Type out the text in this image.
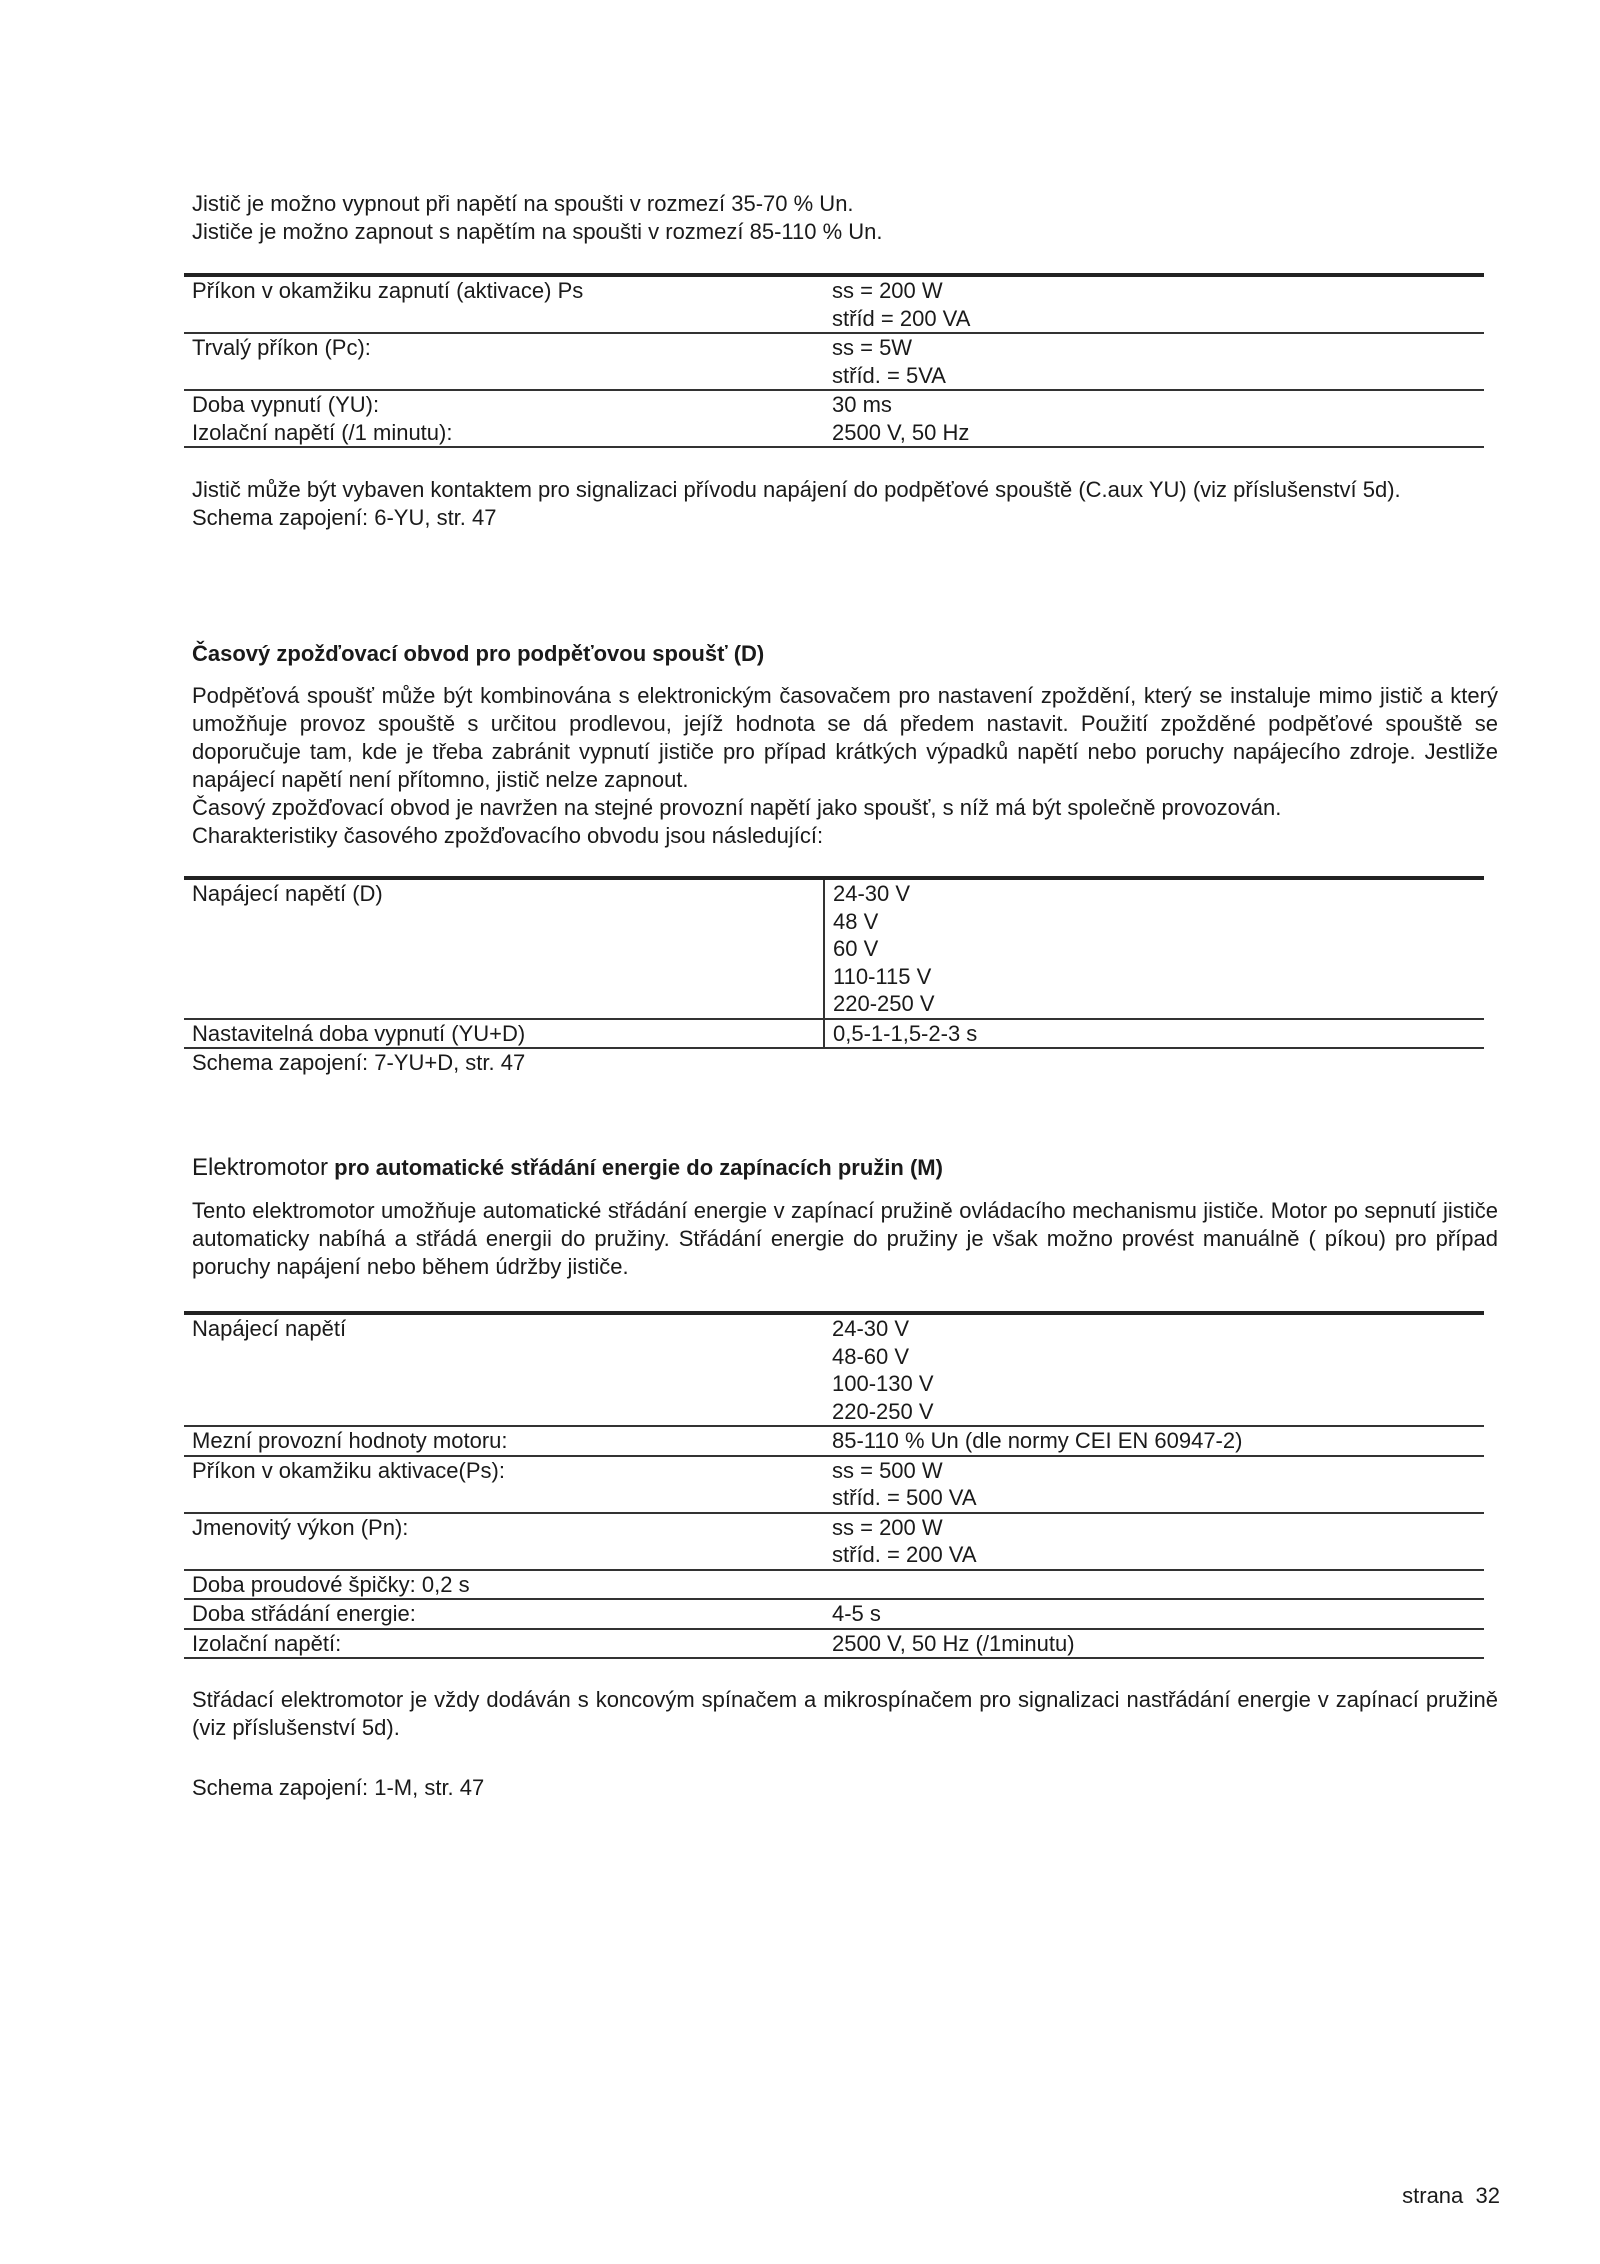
Jistič je možno vypnout při napětí na spoušti v rozmezí 35-70 % Un.

Jističe je možno zapnout s napětím na spoušti v rozmezí 85-110 % Un.

Příkon v okamžiku zapnutí (aktivace) Ps	ss = 200 W
stříd = 200 VA

Trvalý příkon (Pc):	ss = 5W
stříd. = 5VA

Doba vypnutí (YU):	30 ms

Izolační napětí (/1 minutu):	2500 V, 50 Hz

Jistič může být vybaven kontaktem pro signalizaci přívodu napájení do podpěťové spouště (C.aux YU) (viz příslušenství 5d).

Schema zapojení: 6-YU, str. 47

Časový zpožďovací obvod pro podpěťovou spoušť (D)

Podpěťová spoušť může být kombinována s elektronickým časovačem pro nastavení zpoždění, který se instaluje mimo jistič a který umožňuje provoz spouště s určitou prodlevou, jejíž hodnota se dá předem nastavit. Použití zpožděné podpěťové spouště se doporučuje tam, kde je třeba zabránit vypnutí jističe pro případ krátkých výpadků napětí nebo poruchy napájecího zdroje. Jestliže napájecí napětí není přítomno, jistič nelze zapnout.

Časový zpožďovací obvod je navržen na stejné provozní napětí jako spoušť, s níž má být společně provozován.

Charakteristiky časového zpožďovacího obvodu jsou následující:

Napájecí napětí (D)	24-30 V
48 V
60 V
110-115 V
220-250 V

Nastavitelná doba vypnutí (YU+D)	0,5-1-1,5-2-3 s
Schema zapojení: 7-YU+D, str. 47
Elektromotor pro automatické střádání energie do zapínacích pružin (M)
Tento elektromotor umožňuje automatické střádání energie v zapínací pružině ovládacího mechanismu jističe. Motor po sepnutí jističe automaticky nabíhá a střádá energii do pružiny. Střádání energie do pružiny je však možno provést manuálně ( píkou) pro případ poruchy napájení nebo během údržby jističe.
Napájecí napětí	24-30 V
48-60 V
100-130 V
220-250 V

Mezní provozní hodnoty motoru:	85-110 % Un (dle normy CEI EN 60947-2)

Příkon v okamžiku aktivace(Ps):	ss = 500 W
stříd. = 500 VA

Jmenovitý výkon (Pn):	ss = 200 W
stříd. = 200 VA

Doba proudové špičky: 0,2 s	
Doba střádání energie:	4-5 s

Izolační napětí:	2500 V, 50 Hz (/1minutu)
Střádací elektromotor je vždy dodáván s koncovým spínačem a mikrospínačem pro signalizaci nastřádání energie v zapínací pružině (viz příslušenství 5d).
Schema zapojení: 1-M, str. 47
strana 32
